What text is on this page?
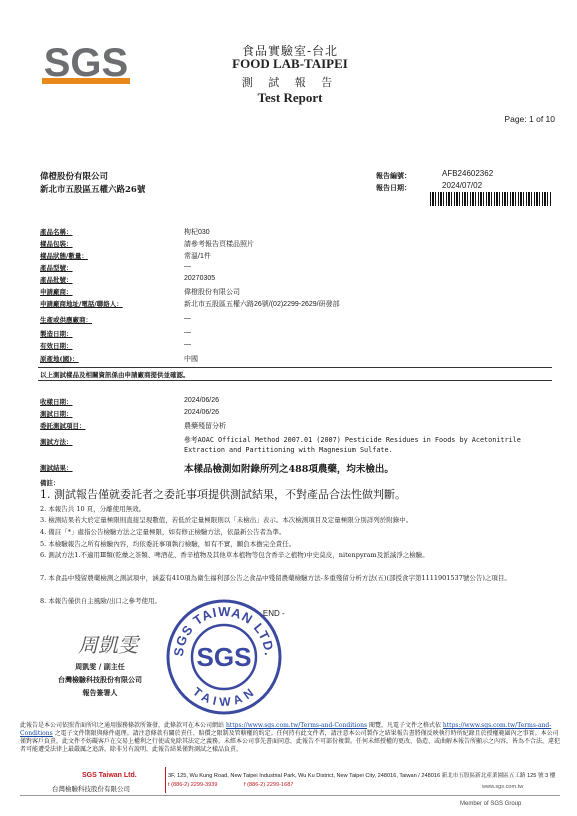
SGS	食品實驗室-台北
FOOD LAB-TAIPEI
測 試 報 告
Test Report
Page: 1 of 10
偉橙股份有限公司
新北市五股區五權六路26號
報告編號：	AFB24602362
報告日期：	2024/07/02
產品名稱：	枸杞030
樣品包裝：	請參考報告頁樣品照片
樣品狀態/數量：	常溫/1件
產品型號：	—
產品批號：	20270305
申請廠商：	偉橙股份有限公司
申請廠商地址/電話/聯絡人：	新北市五股區五權六路26號/(02)2299-2629/研發部
生產或供應廠商：	—
製造日期：	—
有效日期：	—
原產地(國)：	中國
以上測試樣品及相關資訊係由申請廠商提供並確認。
收樣日期：	2024/06/26
測試日期：	2024/06/26
委託測試項目：	農藥殘留分析
測試方法：	參考AOAC Official Method 2007.01 (2007) Pesticide Residues in Foods by Acetonitrile Extraction and Partitioning with Magnesium Sulfate.
測試結果：	本樣品檢測如附錄所列之488項農藥，均未檢出。
備註：
1. 測試報告僅就委託者之委託事項提供測試結果，不對產品合法性做判斷。
2. 本報告共 10 頁，分離使用無效。
3. 檢測結果若大於定量極限則直接呈現數值，若低於定量極限則以「未檢出」表示。本次檢測項目及定量極限分別詳列於附錄中。
4. 備註「*」處指公告檢驗方法之定量極限，如有修正檢驗方法，依最新公告者為準。
5. 本檢驗報告之所有檢驗內容，均依委託事項執行檢驗，如有不實，願負本擔完全責任。
6. 測試方法1.不適用Ⅲ類(乾燥之茶類、啤酒花、香辛植物及其他草本植物等包含香辛之植物)中史莫皮，nitenpyram及派滅淨之檢驗。
7. 本食品中殘留農藥檢測之測試項中，涵蓋有410項為衛生福利部公告之食品中殘留農藥檢驗方法-多重殘留分析方法(五)(部授食字第1111901537號公告)之項目。
8. 本報告僅供自主風險/出口之參考使用。
- END -
周凱雯
周凱雯 / 副主任
台灣檢驗科技股份有限公司
報告簽署人
SGS TAIWAN LTD.
TAIWAN
SGS
此報告是本公司依照背面所印之通用服務條款所簽發，此條款可在本公司網站 https://www.sgs.com.tw/Terms-and-Conditions 閱覽，凡電子文件之格式依 https://www.sgs.com.tw/Terms-and-Conditions 之電子文件期限與條件處理。請注意條款有關於責任、賠償之限制及管轄權的約定。任何持有此文件者，請注意本公司製作之結果報告書將僅反映執行時所紀錄且於授權範圍內之事實。本公司僅對客戶負責，此文件不妨礙客戶在交易上權利之行使或免除其法定之義務。未經本公司事先書面同意，此報告不可部份複製。任何未經授權的更改、偽造、或曲解本報告所顯示之內容，皆為不合法，違犯者可能遭受法律上最嚴厲之追訴。除非另有說明，此報告結果僅對測試之樣品負責。
SGS Taiwan Ltd.
台灣檢驗科技股份有限公司
3F, 125, Wu Kung Road, New Taipei Industrial Park, Wu Ku District, New Taipei City, 248016, Taiwan / 248016 新北市五股區新北產業園區五工路 125 號 3 樓
t (886-2) 2299-3939	f (886-2) 2299-1687	www.sgs.com.tw
Member of SGS Group
